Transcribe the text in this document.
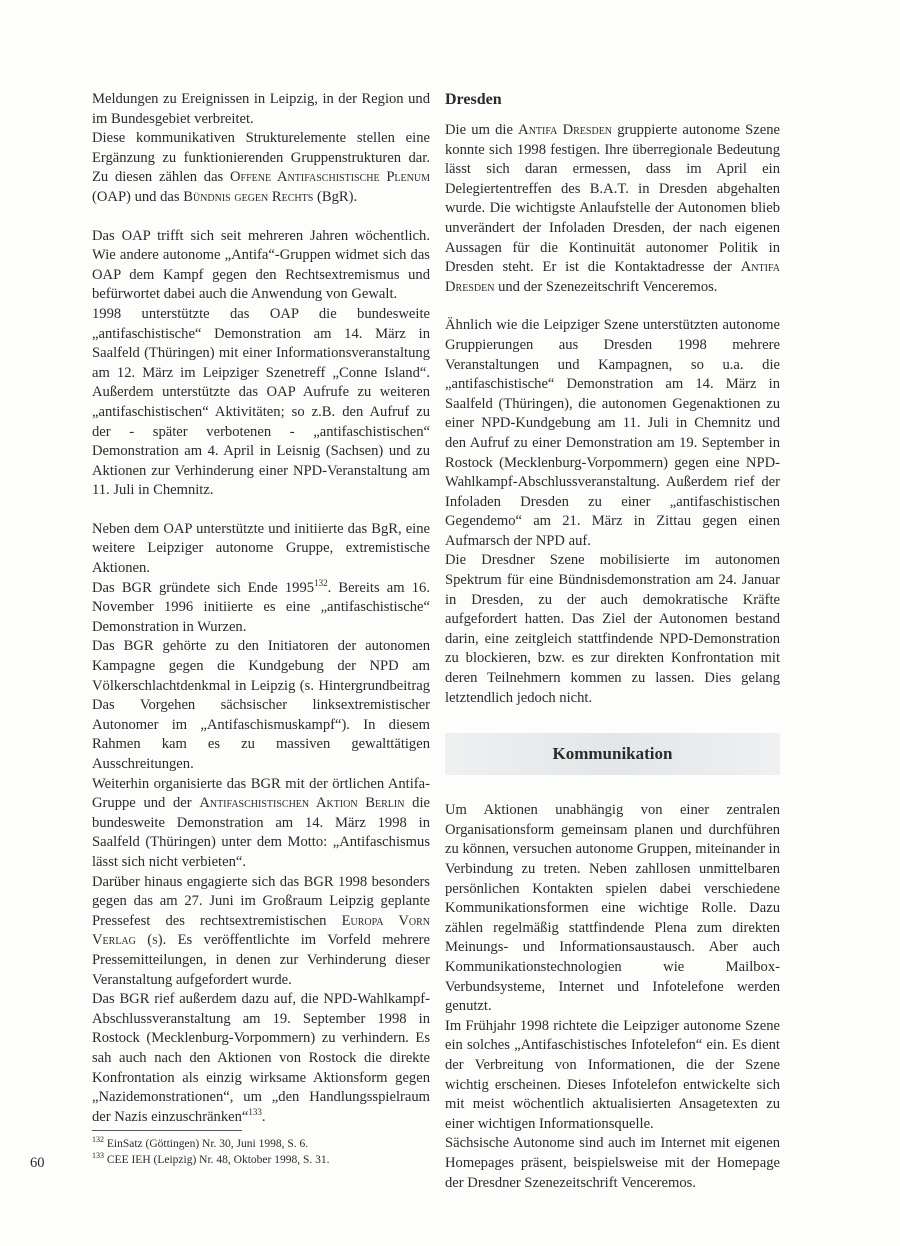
Meldungen zu Ereignissen in Leipzig, in der Region und im Bundesgebiet verbreitet.

Diese kommunikativen Strukturelemente stellen eine Ergänzung zu funktionierenden Gruppenstrukturen dar. Zu diesen zählen das Offene Antifaschistische Plenum (OAP) und das Bündnis gegen Rechts (BgR).

Das OAP trifft sich seit mehreren Jahren wöchentlich. Wie andere autonome „Antifa“-Gruppen widmet sich das OAP dem Kampf gegen den Rechtsextremismus und befürwortet dabei auch die Anwendung von Gewalt.

1998 unterstützte das OAP die bundesweite „antifaschistische“ Demonstration am 14. März in Saalfeld (Thüringen) mit einer Informationsveranstaltung am 12. März im Leipziger Szenetreff „Conne Island“. Außerdem unterstützte das OAP Aufrufe zu weiteren „antifaschistischen“ Aktivitäten; so z.B. den Aufruf zu der - später verbotenen - „antifaschistischen“ Demonstration am 4. April in Leisnig (Sachsen) und zu Aktionen zur Verhinderung einer NPD-Veranstaltung am 11. Juli in Chemnitz.

Neben dem OAP unterstützte und initiierte das BgR, eine weitere Leipziger autonome Gruppe, extremistische Aktionen.

Das BGR gründete sich Ende 1995$^{132}$. Bereits am 16. November 1996 initiierte es eine „antifaschistische“ Demonstration in Wurzen.

Das BGR gehörte zu den Initiatoren der autonomen Kampagne gegen die Kundgebung der NPD am Völkerschlachtdenkmal in Leipzig (s. Hintergrundbeitrag Das Vorgehen sächsischer linksextremistischer Autonomer im „Antifaschismuskampf“). In diesem Rahmen kam es zu massiven gewalttätigen Ausschreitungen.

Weiterhin organisierte das BGR mit der örtlichen Antifa-Gruppe und der Antifaschistischen Aktion Berlin die bundesweite Demonstration am 14. März 1998 in Saalfeld (Thüringen) unter dem Motto: „Antifaschismus lässt sich nicht verbieten“.

Darüber hinaus engagierte sich das BGR 1998 besonders gegen das am 27. Juni im Großraum Leipzig geplante Pressefest des rechtsextremistischen Europa Vorn Verlag (s). Es veröffentlichte im Vorfeld mehrere Pressemitteilungen, in denen zur Verhinderung dieser Veranstaltung aufgefordert wurde.

Das BGR rief außerdem dazu auf, die NPD-Wahlkampf-Abschlussveranstaltung am 19. September 1998 in Rostock (Mecklenburg-Vorpommern) zu verhindern. Es sah auch nach den Aktionen von Rostock die direkte Konfrontation als einzig wirksame Aktionsform gegen „Nazidemonstrationen“, um „den Handlungsspielraum der Nazis einzuschränken“$^{133}$.

Dresden

Die um die Antifa Dresden gruppierte autonome Szene konnte sich 1998 festigen. Ihre überregionale Bedeutung lässt sich daran ermessen, dass im April ein Delegiertentreffen des B.A.T. in Dresden abgehalten wurde. Die wichtigste Anlaufstelle der Autonomen blieb unverändert der Infoladen Dresden, der nach eigenen Aussagen für die Kontinuität autonomer Politik in Dresden steht. Er ist die Kontaktadresse der Antifa Dresden und der Szenezeitschrift Venceremos.

Ähnlich wie die Leipziger Szene unterstützten autonome Gruppierungen aus Dresden 1998 mehrere Veranstaltungen und Kampagnen, so u.a. die „antifaschistische“ Demonstration am 14. März in Saalfeld (Thüringen), die autonomen Gegenaktionen zu einer NPD-Kundgebung am 11. Juli in Chemnitz und den Aufruf zu einer Demonstration am 19. September in Rostock (Mecklenburg-Vorpommern) gegen eine NPD-Wahlkampf-Abschlussveranstaltung. Außerdem rief der Infoladen Dresden zu einer „antifaschistischen Gegendemo“ am 21. März in Zittau gegen einen Aufmarsch der NPD auf.

Die Dresdner Szene mobilisierte im autonomen Spektrum für eine Bündnisdemonstration am 24. Januar in Dresden, zu der auch demokratische Kräfte aufgefordert hatten. Das Ziel der Autonomen bestand darin, eine zeitgleich stattfindende NPD-Demonstration zu blockieren, bzw. es zur direkten Konfrontation mit deren Teilnehmern kommen zu lassen. Dies gelang letztendlich jedoch nicht.

Kommunikation

Um Aktionen unabhängig von einer zentralen Organisationsform gemeinsam planen und durchführen zu können, versuchen autonome Gruppen, miteinander in Verbindung zu treten. Neben zahllosen unmittelbaren persönlichen Kontakten spielen dabei verschiedene Kommunikationsformen eine wichtige Rolle. Dazu zählen regelmäßig stattfindende Plena zum direkten Meinungs- und Informationsaustausch. Aber auch Kommunikationstechnologien wie Mailbox-Verbundsysteme, Internet und Infotelefone werden genutzt.

Im Frühjahr 1998 richtete die Leipziger autonome Szene ein solches „Antifaschistisches Infotelefon“ ein. Es dient der Verbreitung von Informationen, die der Szene wichtig erscheinen. Dieses Infotelefon entwickelte sich mit meist wöchentlich aktualisierten Ansagetexten zu einer wichtigen Informationsquelle.

Sächsische Autonome sind auch im Internet mit eigenen Homepages präsent, beispielsweise mit der Homepage der Dresdner Szenezeitschrift Venceremos.

$^{132}$ EinSatz (Göttingen) Nr. 30, Juni 1998, S. 6.
$^{133}$ CEE IEH (Leipzig) Nr. 48, Oktober 1998, S. 31.
60
